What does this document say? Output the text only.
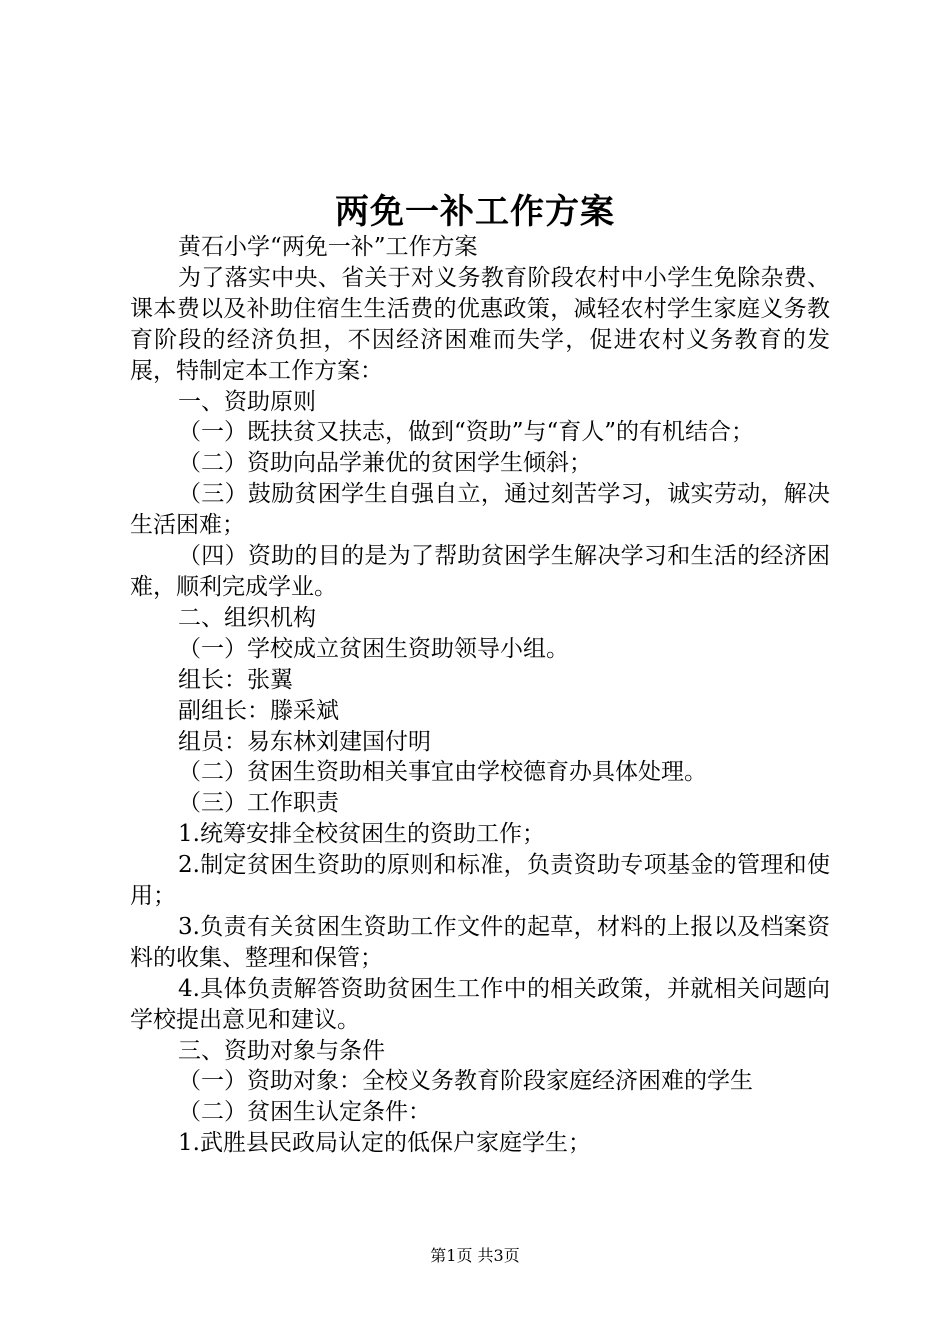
两免一补工作方案

黄石小学“两免一补”工作方案

为了落实中央、省关于对义务教育阶段农村中小学生免除杂费、课本费以及补助住宿生生活费的优惠政策，减轻农村学生家庭义务教育阶段的经济负担，不因经济困难而失学，促进农村义务教育的发展，特制定本工作方案：

一、资助原则

（一）既扶贫又扶志，做到“资助”与“育人”的有机结合；

（二）资助向品学兼优的贫困学生倾斜；

（三）鼓励贫困学生自强自立，通过刻苦学习，诚实劳动，解决生活困难；

（四）资助的目的是为了帮助贫困学生解决学习和生活的经济困难，顺利完成学业。

二、组织机构

（一）学校成立贫困生资助领导小组。

组长：张翼

副组长：滕采斌

组员：易东林刘建国付明

（二）贫困生资助相关事宜由学校德育办具体处理。

（三）工作职责

1.统筹安排全校贫困生的资助工作；

2.制定贫困生资助的原则和标准，负责资助专项基金的管理和使用；

3.负责有关贫困生资助工作文件的起草，材料的上报以及档案资料的收集、整理和保管；

4.具体负责解答资助贫困生工作中的相关政策，并就相关问题向学校提出意见和建议。

三、资助对象与条件

（一）资助对象：全校义务教育阶段家庭经济困难的学生

（二）贫困生认定条件：

1.武胜县民政局认定的低保户家庭学生；

第1页 共3页
